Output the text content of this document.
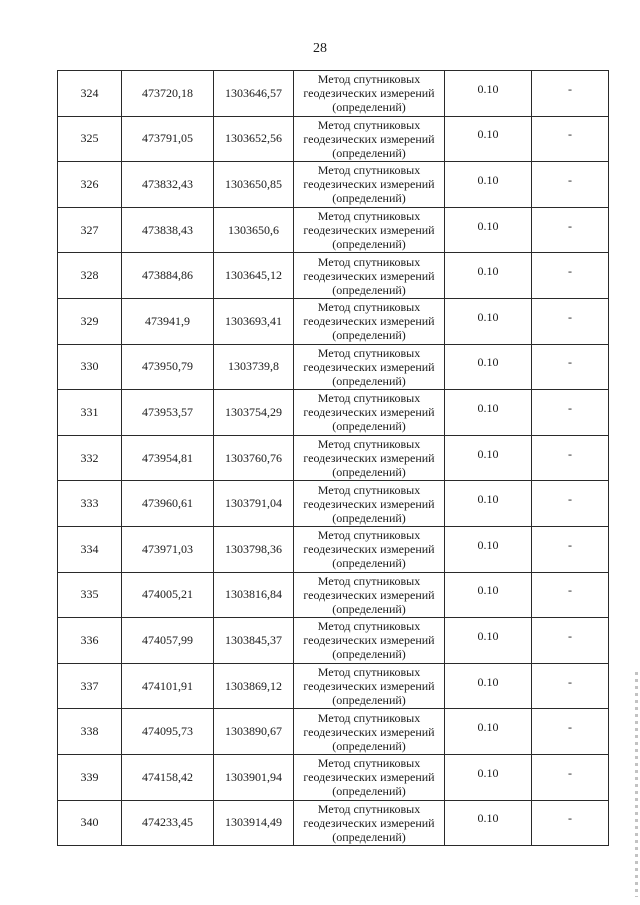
28
324	473720,18	1303646,57	Метод спутниковых
геодезических измерений
(определений)	0.10	-
325	473791,05	1303652,56	Метод спутниковых
геодезических измерений
(определений)	0.10	-
326	473832,43	1303650,85	Метод спутниковых
геодезических измерений
(определений)	0.10	-
327	473838,43	1303650,6	Метод спутниковых
геодезических измерений
(определений)	0.10	-
328	473884,86	1303645,12	Метод спутниковых
геодезических измерений
(определений)	0.10	-
329	473941,9	1303693,41	Метод спутниковых
геодезических измерений
(определений)	0.10	-
330	473950,79	1303739,8	Метод спутниковых
геодезических измерений
(определений)	0.10	-
331	473953,57	1303754,29	Метод спутниковых
геодезических измерений
(определений)	0.10	-
332	473954,81	1303760,76	Метод спутниковых
геодезических измерений
(определений)	0.10	-
333	473960,61	1303791,04	Метод спутниковых
геодезических измерений
(определений)	0.10	-
334	473971,03	1303798,36	Метод спутниковых
геодезических измерений
(определений)	0.10	-
335	474005,21	1303816,84	Метод спутниковых
геодезических измерений
(определений)	0.10	-
336	474057,99	1303845,37	Метод спутниковых
геодезических измерений
(определений)	0.10	-
337	474101,91	1303869,12	Метод спутниковых
геодезических измерений
(определений)	0.10	-
338	474095,73	1303890,67	Метод спутниковых
геодезических измерений
(определений)	0.10	-
339	474158,42	1303901,94	Метод спутниковых
геодезических измерений
(определений)	0.10	-
340	474233,45	1303914,49	Метод спутниковых
геодезических измерений
(определений)	0.10	-
